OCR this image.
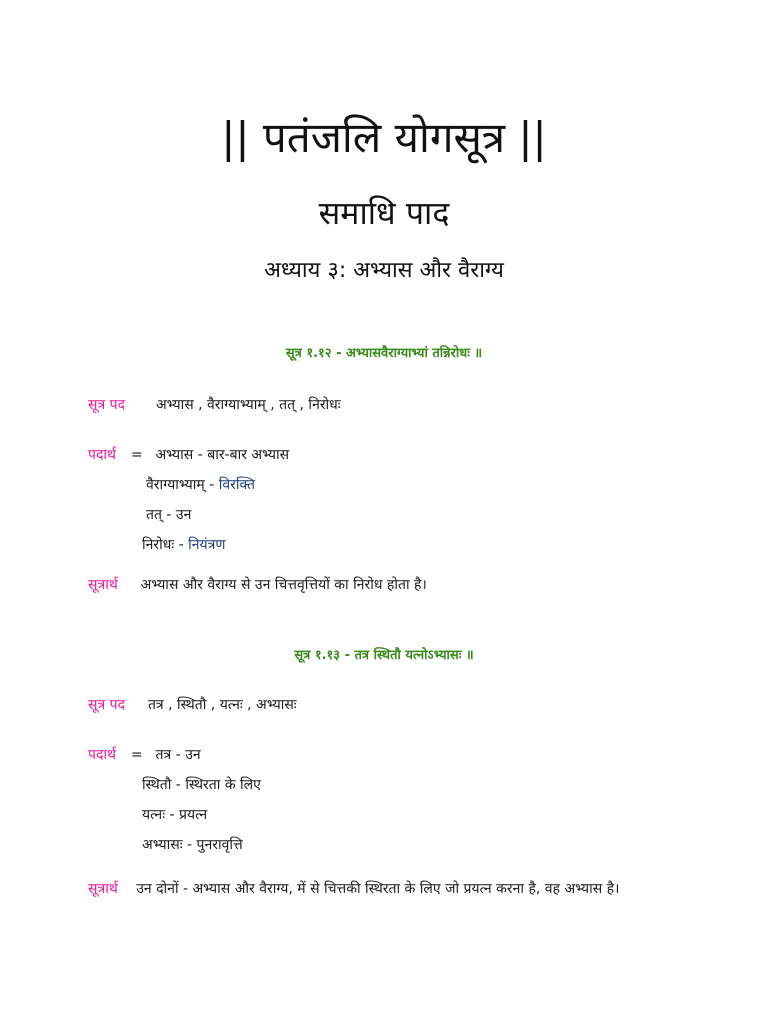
|| पतंजलि योगसूत्र ||
समाधि पाद
अध्याय ३: अभ्यास और वैराग्य
सूत्र १.१२ - अभ्यासवैराग्याभ्यां तन्निरोधः ॥
सूत्र पद अभ्यास , वैराग्याभ्याम् , तत् , निरोधः
पदार्थ = अभ्यास - बार-बार अभ्यास
वैराग्याभ्याम् - विरक्ति
तत् - उन
निरोधः - नियंत्रण
सूत्रार्थ अभ्यास और वैराग्य से उन चित्तवृत्तियों का निरोध होता है।
सूत्र १.१३ - तत्र स्थितौ यत्नोऽभ्यासः ॥
सूत्र पद तत्र , स्थितौ , यत्नः , अभ्यासः
पदार्थ = तत्र - उन
स्थितौ - स्थिरता के लिए
यत्नः - प्रयत्न
अभ्यासः - पुनरावृत्ति
सूत्रार्थ उन दोनों - अभ्यास और वैराग्य, में से चित्तकी स्थिरता के लिए जो प्रयत्न करना है, वह अभ्यास है।
